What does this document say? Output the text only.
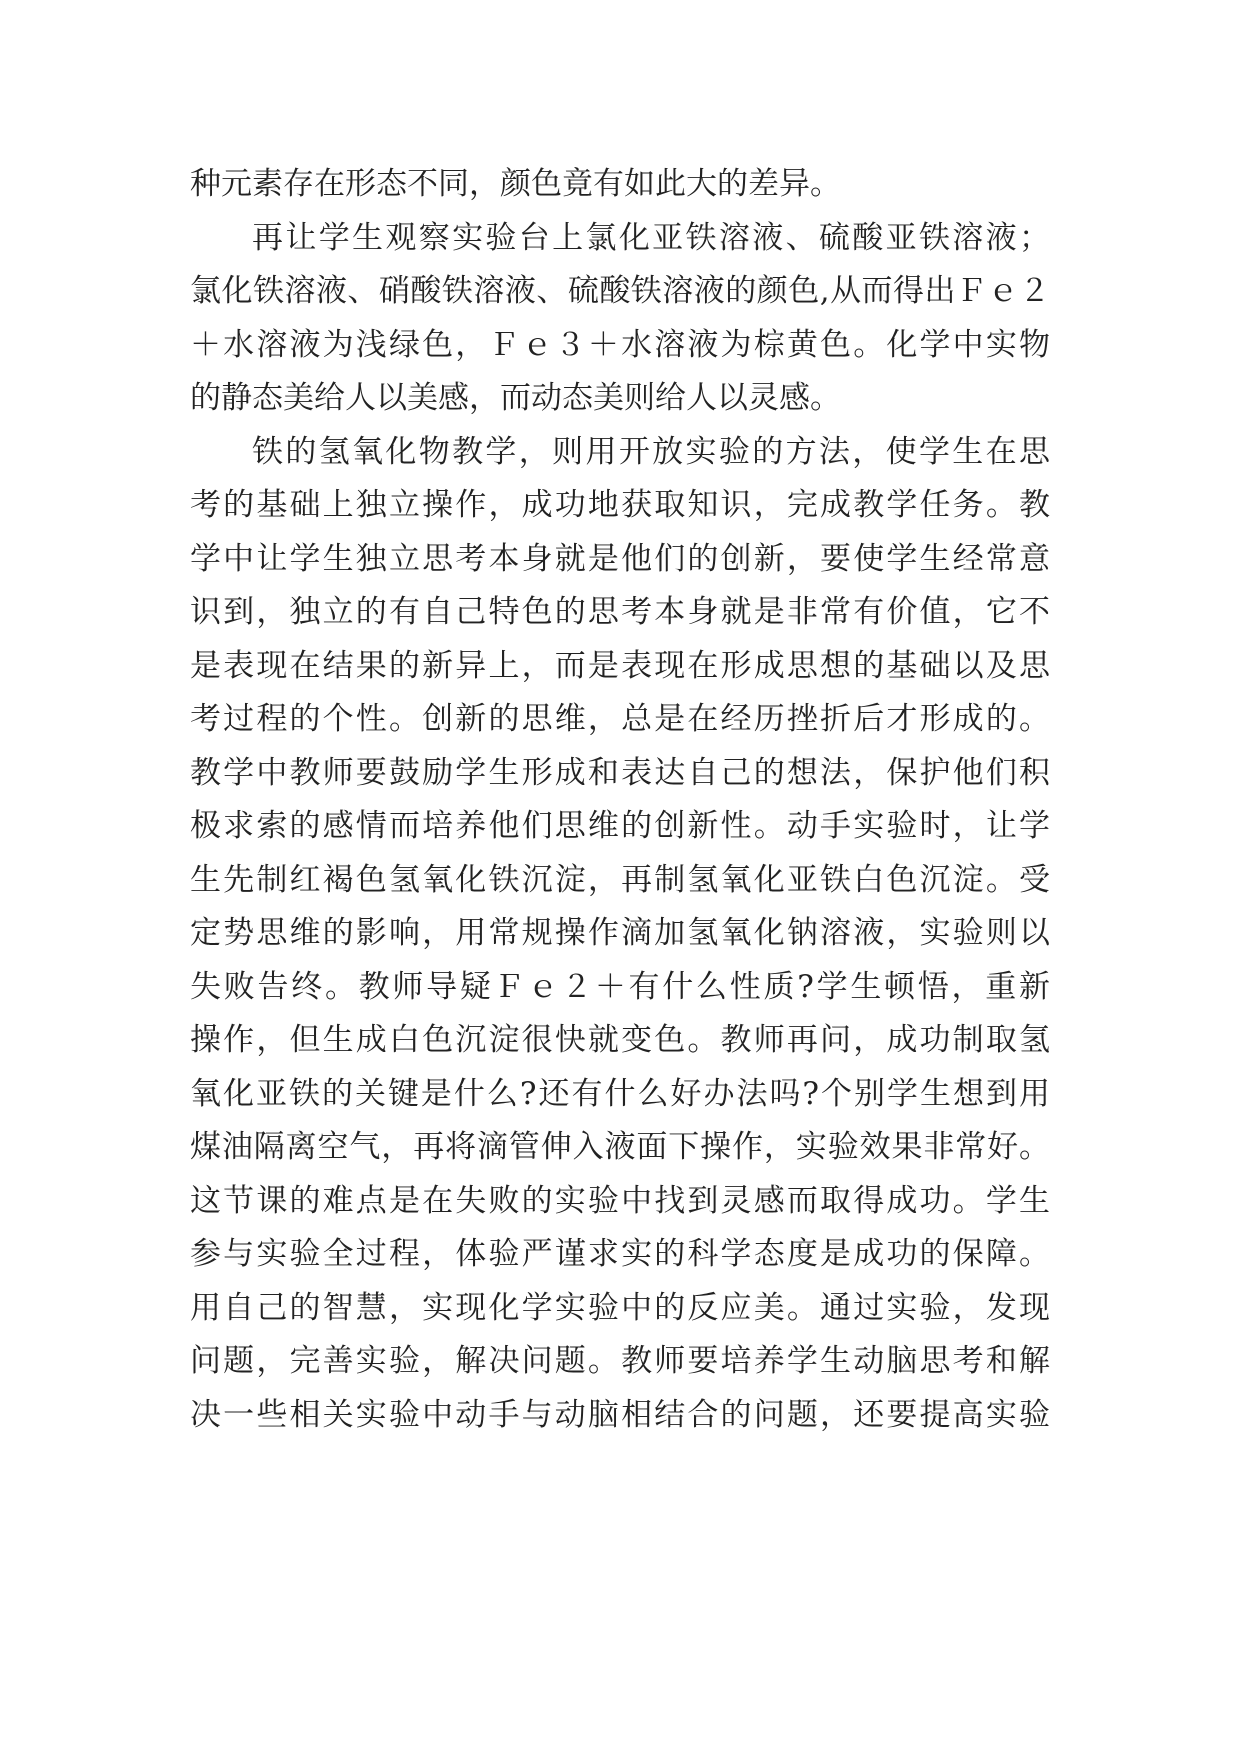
种元素存在形态不同，颜色竟有如此大的差异。
再让学生观察实验台上氯化亚铁溶液、硫酸亚铁溶液；
氯化铁溶液、硝酸铁溶液、硫酸铁溶液的颜色,从而得出Ｆｅ２
＋水溶液为浅绿色，Ｆｅ３＋水溶液为棕黄色。化学中实物
的静态美给人以美感，而动态美则给人以灵感。
铁的氢氧化物教学，则用开放实验的方法，使学生在思
考的基础上独立操作，成功地获取知识，完成教学任务。教
学中让学生独立思考本身就是他们的创新，要使学生经常意
识到，独立的有自己特色的思考本身就是非常有价值，它不
是表现在结果的新异上，而是表现在形成思想的基础以及思
考过程的个性。创新的思维，总是在经历挫折后才形成的。
教学中教师要鼓励学生形成和表达自己的想法，保护他们积
极求索的感情而培养他们思维的创新性。动手实验时，让学
生先制红褐色氢氧化铁沉淀，再制氢氧化亚铁白色沉淀。受
定势思维的影响，用常规操作滴加氢氧化钠溶液，实验则以
失败告终。教师导疑Ｆｅ２＋有什么性质?学生顿悟，重新
操作，但生成白色沉淀很快就变色。教师再问，成功制取氢
氧化亚铁的关键是什么?还有什么好办法吗?个别学生想到用
煤油隔离空气，再将滴管伸入液面下操作，实验效果非常好。
这节课的难点是在失败的实验中找到灵感而取得成功。学生
参与实验全过程，体验严谨求实的科学态度是成功的保障。
用自己的智慧，实现化学实验中的反应美。通过实验，发现
问题，完善实验，解决问题。教师要培养学生动脑思考和解
决一些相关实验中动手与动脑相结合的问题，还要提高实验
